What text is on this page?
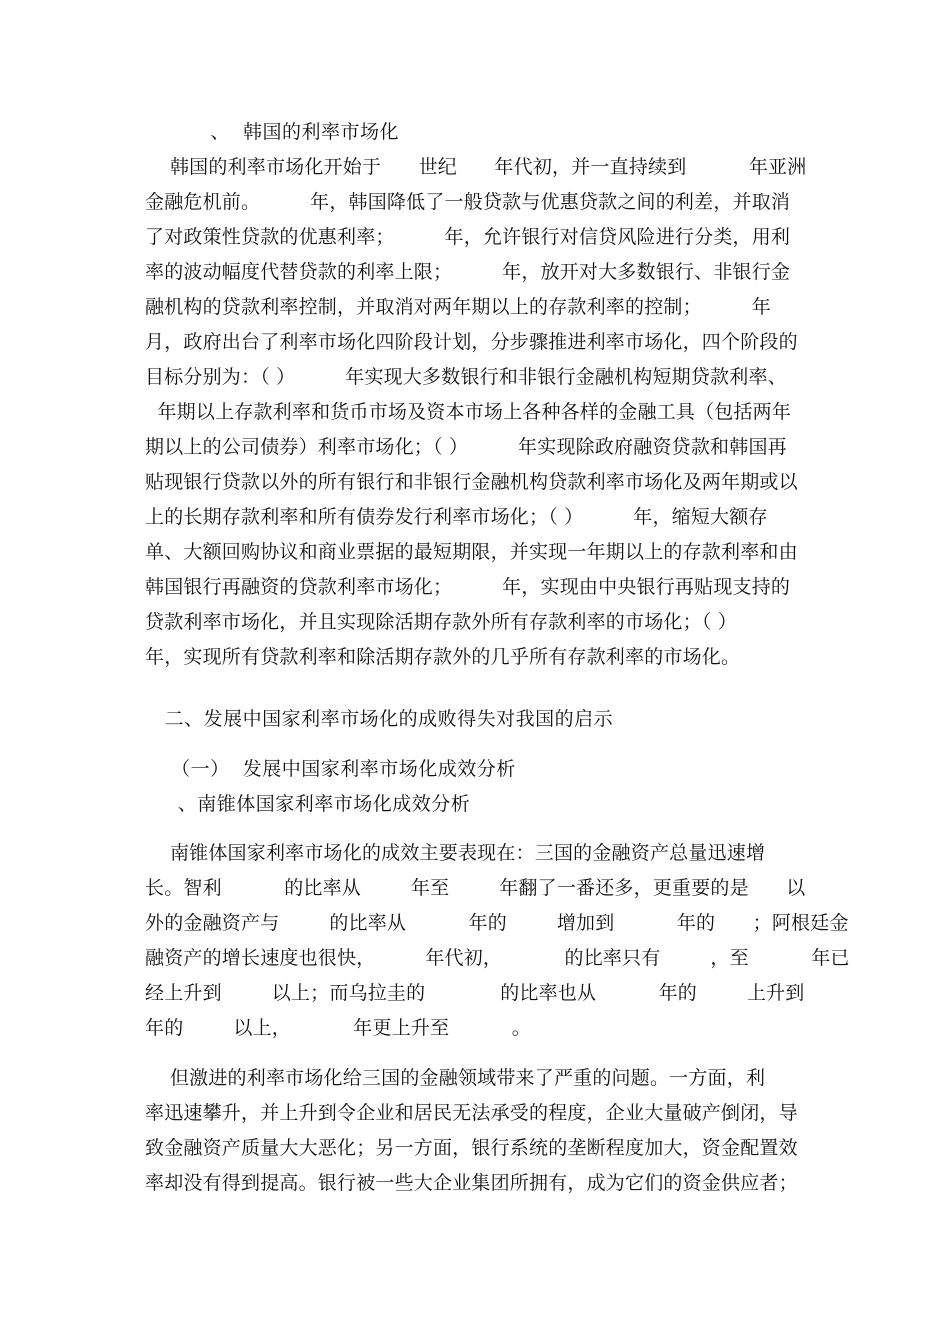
、  韩国的利率市场化
韩国的利率市场化开始于      世纪      年代初，并一直持续到          年亚洲
金融危机前。        年，韩国降低了一般贷款与优惠贷款之间的利差，并取消
了对政策性贷款的优惠利率；        年，允许银行对信贷风险进行分类，用利
率的波动幅度代替贷款的利率上限；        年，放开对大多数银行、非银行金
融机构的贷款利率控制，并取消对两年期以上的存款利率的控制；        年
月，政府出台了利率市场化四阶段计划，分步骤推进利率市场化，四个阶段的
目标分别为：（ ）        年实现大多数银行和非银行金融机构短期贷款利率、
年期以上存款利率和货币市场及资本市场上各种各样的金融工具（包括两年
期以上的公司债券）利率市场化；（ ）        年实现除政府融资贷款和韩国再
贴现银行贷款以外的所有银行和非银行金融机构贷款利率市场化及两年期或以
上的长期存款利率和所有债券发行利率市场化；（ ）        年，缩短大额存
单、大额回购协议和商业票据的最短期限，并实现一年期以上的存款利率和由
韩国银行再融资的贷款利率市场化；        年，实现由中央银行再贴现支持的
贷款利率市场化，并且实现除活期存款外所有存款利率的市场化；（ ）
年，实现所有贷款利率和除活期存款外的几乎所有存款利率的市场化。
二、发展中国家利率市场化的成败得失对我国的启示
（一）  发展中国家利率市场化成效分析
、南锥体国家利率市场化成效分析
南锥体国家利率市场化的成效主要表现在：三国的金融资产总量迅速增
长。智利          的比率从        年至        年翻了一番还多，更重要的是      以
外的金融资产与        的比率从          年的        增加到          年的      ；阿根廷金
融资产的增长速度也很快，        年代初，          的比率只有        ，至          年已
经上升到        以上；而乌拉圭的            的比率也从          年的        上升到
年的        以上，          年更上升至          。
但激进的利率市场化给三国的金融领域带来了严重的问题。一方面，利
率迅速攀升，并上升到令企业和居民无法承受的程度，企业大量破产倒闭，导
致金融资产质量大大恶化；另一方面，银行系统的垄断程度加大，资金配置效
率却没有得到提高。银行被一些大企业集团所拥有，成为它们的资金供应者；
